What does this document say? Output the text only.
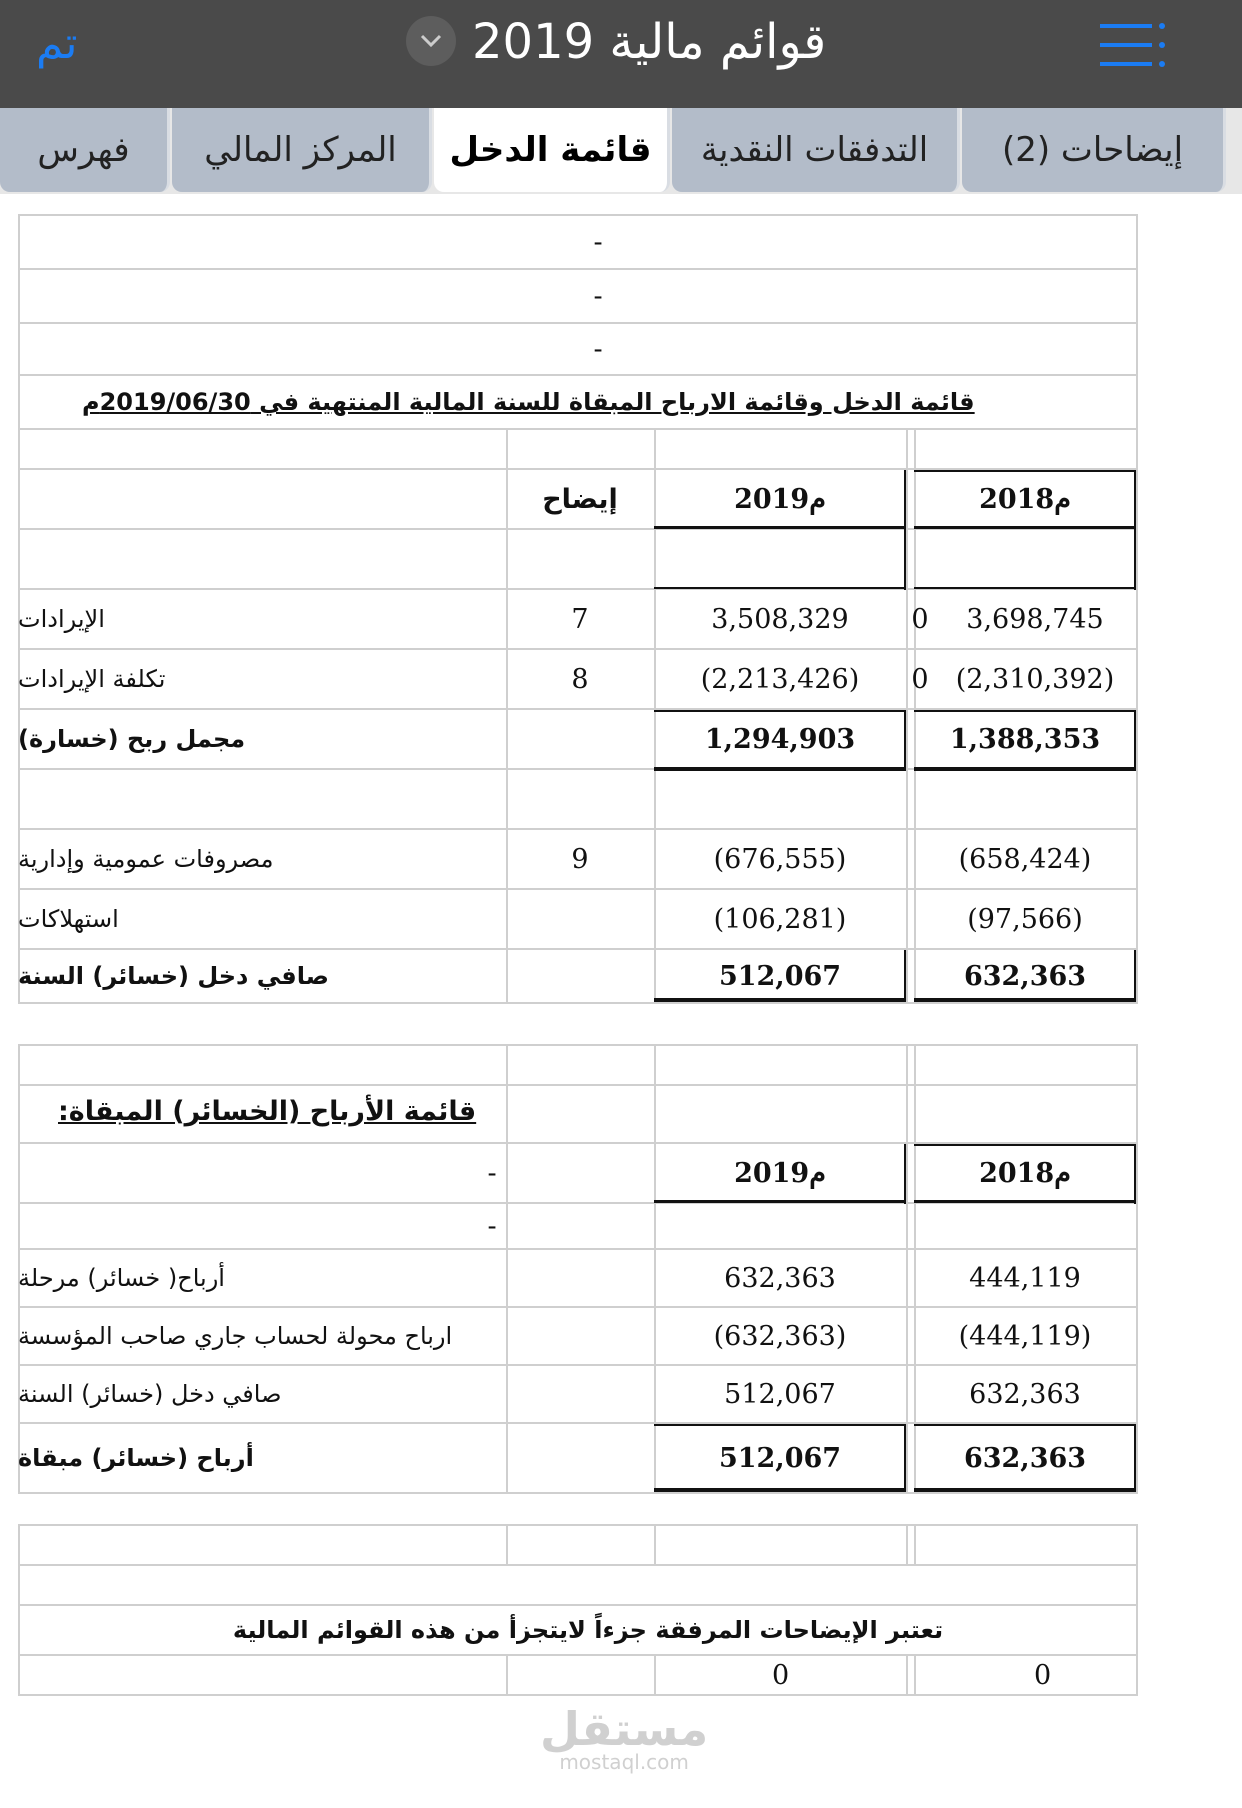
تم	قوائم مالية 2019
فهرس	المركز المالي	قائمة الدخل	التدفقات النقدية	إيضاحات (2)
-
-
-
قائمة الدخل وقائمة الارباح المبقاة للسنة المالية المنتهية في 2019/06/30م
إيضاح	2019م	2018م
الإيرادات	7	3,508,329	0	3,698,745
تكلفة الإيرادات	8	(2,213,426)	0	(2,310,392)
مجمل ربح (خسارة)	1,294,903	1,388,353
مصروفات عمومية وإدارية	9	(676,555)	(658,424)
استهلاكات	(106,281)	(97,566)
صافي دخل (خسائر) السنة	512,067	632,363
قائمة الأرباح (الخسائر) المبقاة:
-	2019م	2018م
-
أرباح( خسائر) مرحلة	632,363	444,119
ارباح محولة لحساب جاري صاحب المؤسسة	(632,363)	(444,119)
صافي دخل (خسائر) السنة	512,067	632,363
أرباح (خسائر) مبقاة	512,067	632,363
تعتبر الإيضاحات المرفقة جزءاً لايتجزأ من هذه القوائم المالية
0	0
مستقل
mostaql.com
